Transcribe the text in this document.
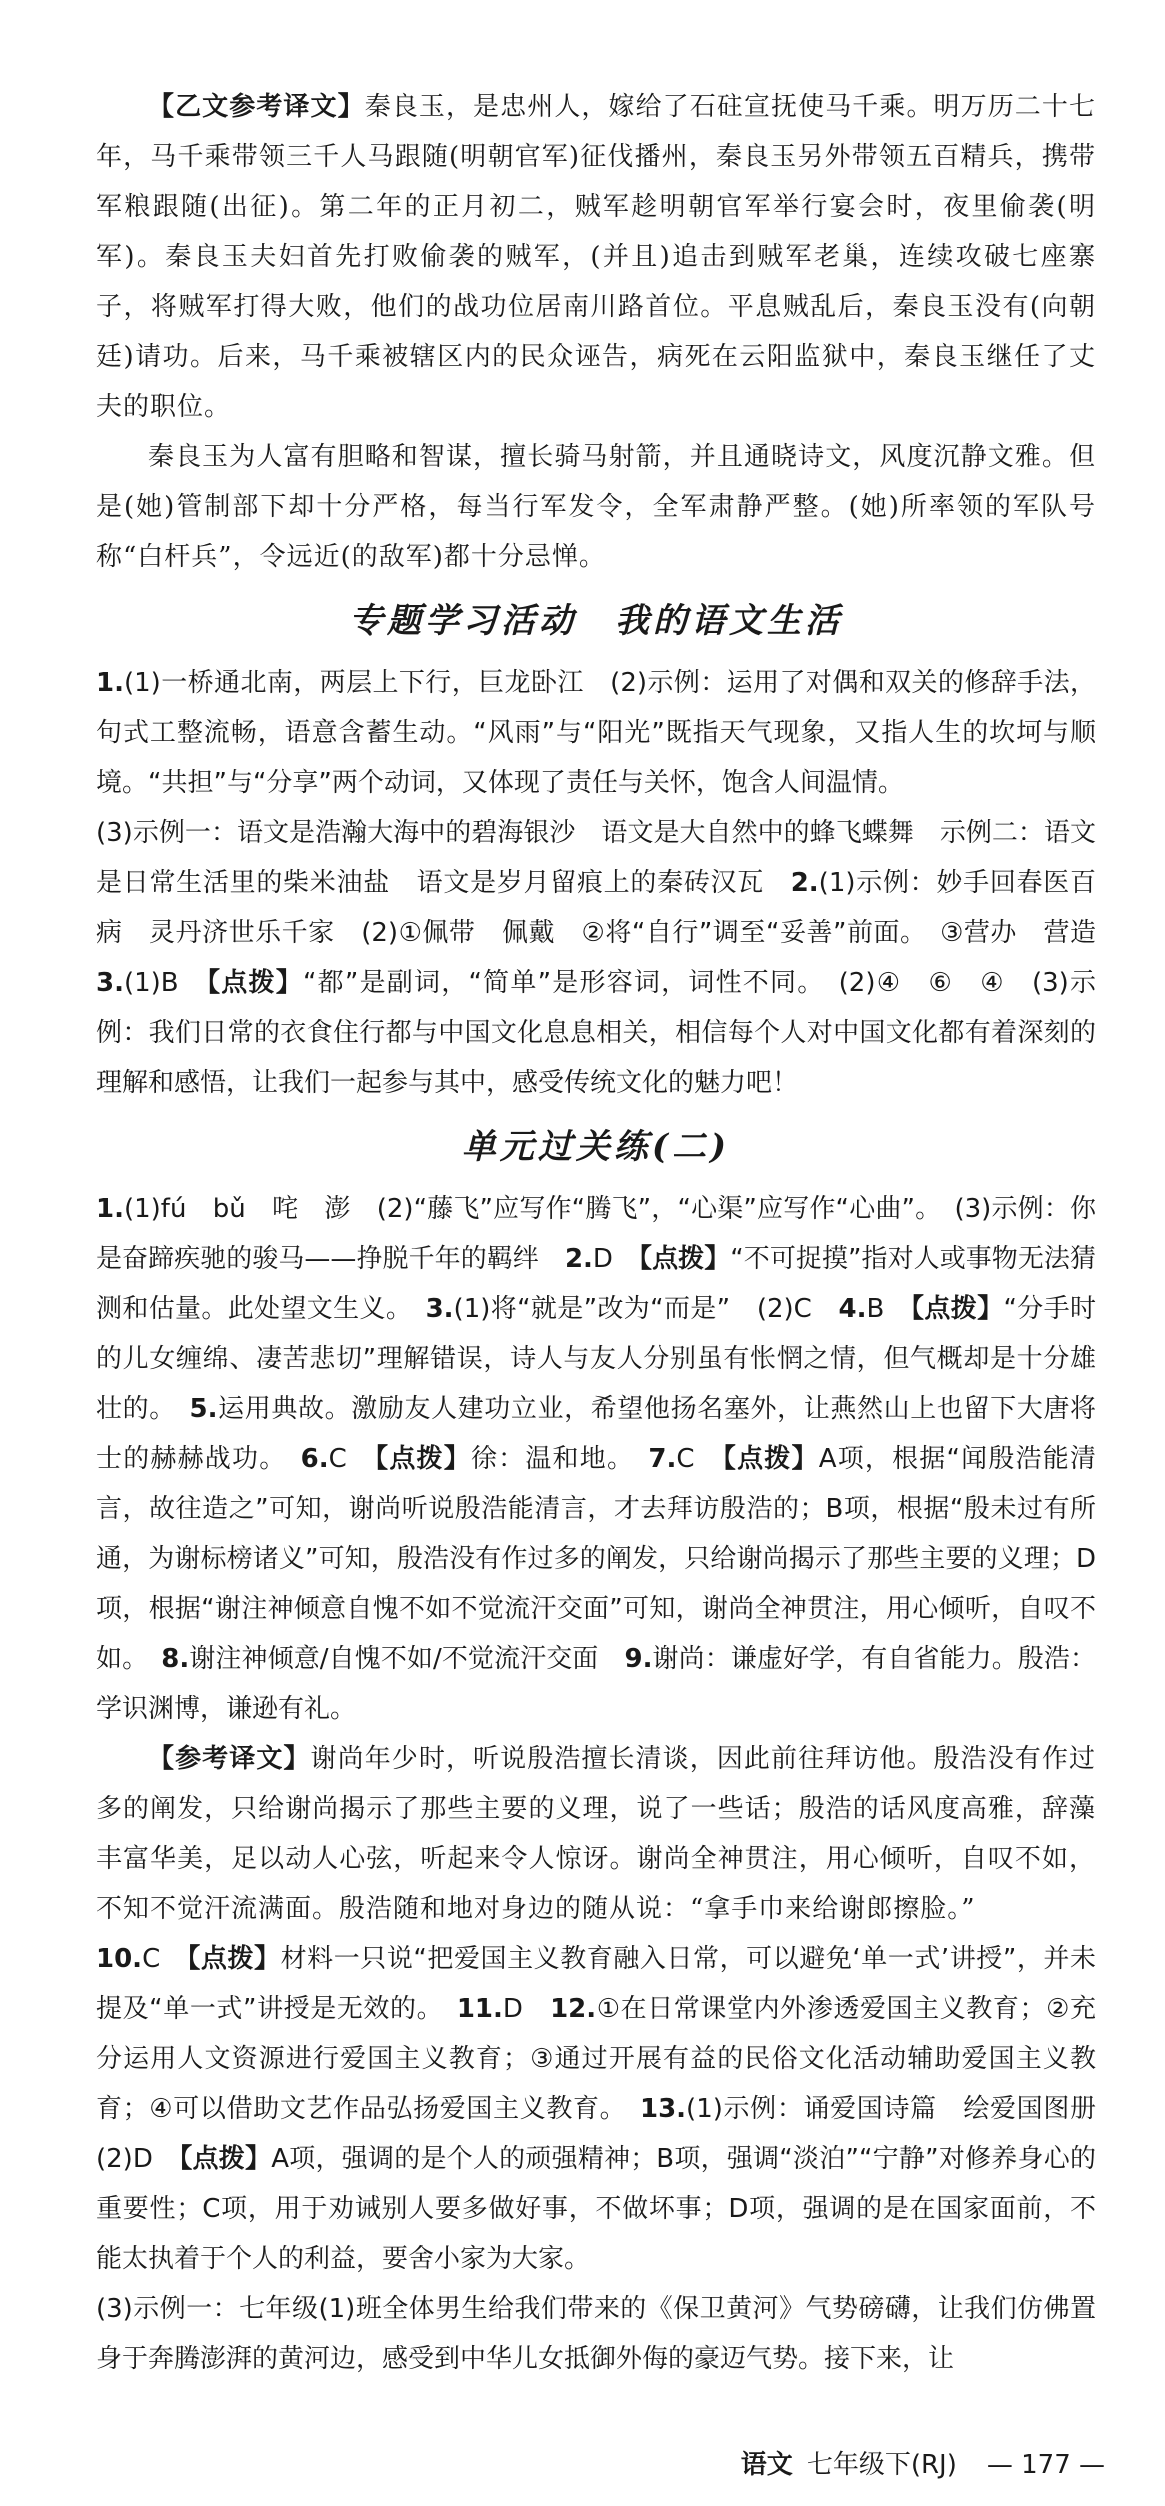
【乙文参考译文】秦良玉，是忠州人，嫁给了石砫宣抚使马千乘。明万历二十七年，马千乘带领三千人马跟随(明朝官军)征伐播州，秦良玉另外带领五百精兵，携带军粮跟随(出征)。第二年的正月初二，贼军趁明朝官军举行宴会时，夜里偷袭(明军)。秦良玉夫妇首先打败偷袭的贼军，(并且)追击到贼军老巢，连续攻破七座寨子，将贼军打得大败，他们的战功位居南川路首位。平息贼乱后，秦良玉没有(向朝廷)请功。后来，马千乘被辖区内的民众诬告，病死在云阳监狱中，秦良玉继任了丈夫的职位。

秦良玉为人富有胆略和智谋，擅长骑马射箭，并且通晓诗文，风度沉静文雅。但是(她)管制部下却十分严格，每当行军发令，全军肃静严整。(她)所率领的军队号称“白杆兵”，令远近(的敌军)都十分忌惮。

专题学习活动　我的语文生活

1.(1)一桥通北南，两层上下行，巨龙卧江　(2)示例：运用了对偶和双关的修辞手法，句式工整流畅，语意含蓄生动。“风雨”与“阳光”既指天气现象，又指人生的坎坷与顺境。“共担”与“分享”两个动词，又体现了责任与关怀，饱含人间温情。

(3)示例一：语文是浩瀚大海中的碧海银沙　语文是大自然中的蜂飞蝶舞　示例二：语文是日常生活里的柴米油盐　语文是岁月留痕上的秦砖汉瓦　2.(1)示例：妙手回春医百病　灵丹济世乐千家　(2)①佩带　佩戴　②将“自行”调至“妥善”前面。　③营办　营造　3.(1)B　【点拨】“都”是副词，“简单”是形容词，词性不同。　(2)④　⑥　④　(3)示例：我们日常的衣食住行都与中国文化息息相关，相信每个人对中国文化都有着深刻的理解和感悟，让我们一起参与其中，感受传统文化的魅力吧！

单元过关练(二)

1.(1)fú　bǔ　咤　澎　(2)“藤飞”应写作“腾飞”，“心渠”应写作“心曲”。　(3)示例：你是奋蹄疾驰的骏马——挣脱千年的羁绊　2.D　【点拨】“不可捉摸”指对人或事物无法猜测和估量。此处望文生义。　3.(1)将“就是”改为“而是”　(2)C　4.B　【点拨】“分手时的儿女缠绵、凄苦悲切”理解错误，诗人与友人分别虽有怅惘之情，但气概却是十分雄壮的。　5.运用典故。激励友人建功立业，希望他扬名塞外，让燕然山上也留下大唐将士的赫赫战功。　6.C　【点拨】徐：温和地。　7.C　【点拨】A项，根据“闻殷浩能清言，故往造之”可知，谢尚听说殷浩能清言，才去拜访殷浩的；B项，根据“殷未过有所通，为谢标榜诸义”可知，殷浩没有作过多的阐发，只给谢尚揭示了那些主要的义理；D项，根据“谢注神倾意自愧不如不觉流汗交面”可知，谢尚全神贯注，用心倾听，自叹不如。　8.谢注神倾意/自愧不如/不觉流汗交面　9.谢尚：谦虚好学，有自省能力。殷浩：学识渊博，谦逊有礼。

【参考译文】谢尚年少时，听说殷浩擅长清谈，因此前往拜访他。殷浩没有作过多的阐发，只给谢尚揭示了那些主要的义理，说了一些话；殷浩的话风度高雅，辞藻丰富华美，足以动人心弦，听起来令人惊讶。谢尚全神贯注，用心倾听，自叹不如，不知不觉汗流满面。殷浩随和地对身边的随从说：“拿手巾来给谢郎擦脸。”

10.C　【点拨】材料一只说“把爱国主义教育融入日常，可以避免‘单一式’讲授”，并未提及“单一式”讲授是无效的。　11.D　12.①在日常课堂内外渗透爱国主义教育；②充分运用人文资源进行爱国主义教育；③通过开展有益的民俗文化活动辅助爱国主义教育；④可以借助文艺作品弘扬爱国主义教育。　13.(1)示例：诵爱国诗篇　绘爱国图册　(2)D　【点拨】A项，强调的是个人的顽强精神；B项，强调“淡泊”“宁静”对修养身心的重要性；C项，用于劝诫别人要多做好事，不做坏事；D项，强调的是在国家面前，不能太执着于个人的利益，要舍小家为大家。

(3)示例一：七年级(1)班全体男生给我们带来的《保卫黄河》气势磅礴，让我们仿佛置身于奔腾澎湃的黄河边，感受到中华儿女抵御外侮的豪迈气势。接下来，让

语文 七年级下(RJ) — 177 —
